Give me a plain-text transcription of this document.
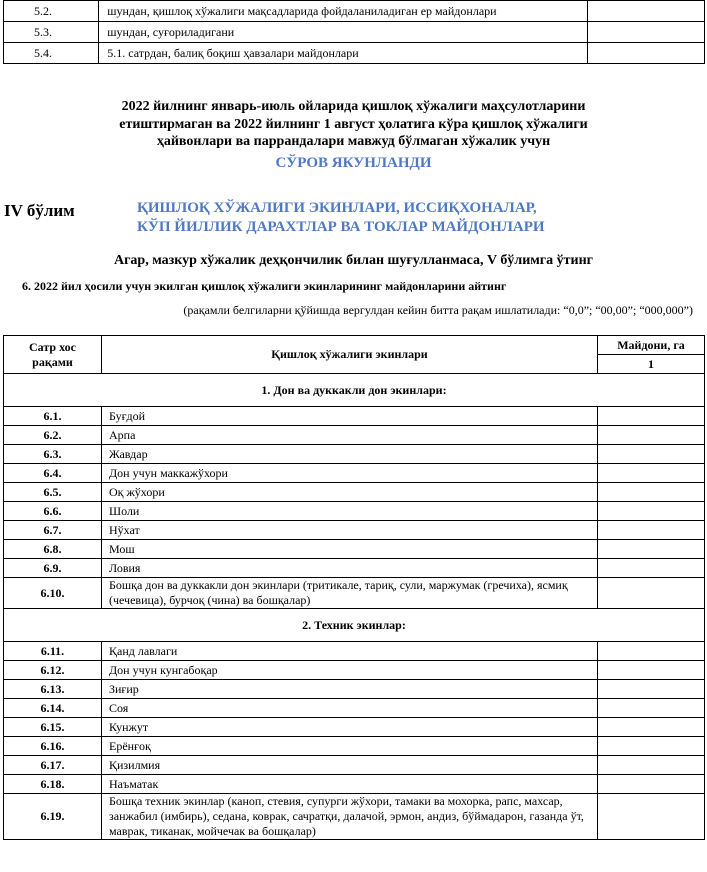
5.2.	шундан, қишлоқ хўжалиги мақсадларида фойдаланиладиган ер майдонлари	
5.3.	шундан, суғориладигани	
5.4.	5.1. сатрдан, балиқ боқиш ҳавзалари майдонлари	
2022 йилнинг январь-июль ойларида қишлоқ хўжалиги маҳсулотларини
етиштирмаган ва 2022 йилнинг 1 август ҳолатига кўра қишлоқ хўжалиги
ҳайвонлари ва паррандалари мавжуд бўлмаган хўжалик учун
СЎРОВ ЯКУНЛАНДИ
IV бўлим	ҚИШЛОҚ ХЎЖАЛИГИ ЭКИНЛАРИ, ИССИҚХОНАЛАР,
КЎП ЙИЛЛИК ДАРАХТЛАР ВА ТОКЛАР МАЙДОНЛАРИ
Агар, мазкур хўжалик деҳқончилик билан шуғулланмаса, V бўлимга ўтинг
6. 2022 йил ҳосили учун экилган қишлоқ хўжалиги экинларининг майдонларини айтинг
(рақамли белгиларни қўйишда вергулдан кейин битта рақам ишлатилади: “0,0”; “00,00”; “000,000”)
Сатр хос
рақами	Қишлоқ хўжалиги экинлари	Майдони, га
		1
1. Дон ва дуккакли дон экинлари:		
6.1.	Буғдой	
6.2.	Арпа	
6.3.	Жавдар	
6.4.	Дон учун маккажўхори	
6.5.	Оқ жўхори	
6.6.	Шоли	
6.7.	Нўхат	
6.8.	Мош	
6.9.	Ловия	
6.10.	Бошқа дон ва дуккакли дон экинлари (тритикале, тариқ, сули, маржумак (гречиха), ясмиқ (чечевица), бурчоқ (чина) ва бошқалар)	
2. Техник экинлар:		
6.11.	Қанд лавлаги	
6.12.	Дон учун кунгабоқар	
6.13.	Зиғир	
6.14.	Соя	
6.15.	Кунжут	
6.16.	Ерёнғоқ	
6.17.	Қизилмия	
6.18.	Наъматак	
6.19.	Бошқа техник экинлар (каноп, стевия, супурги жўхори, тамаки ва мохорка, рапс, махсар, занжабил (имбирь), седана, коврак, сачратқи, далачой, эрмон, андиз, бўймадарон, газанда ўт, маврак, тиканак, мойчечак ва бошқалар)	
